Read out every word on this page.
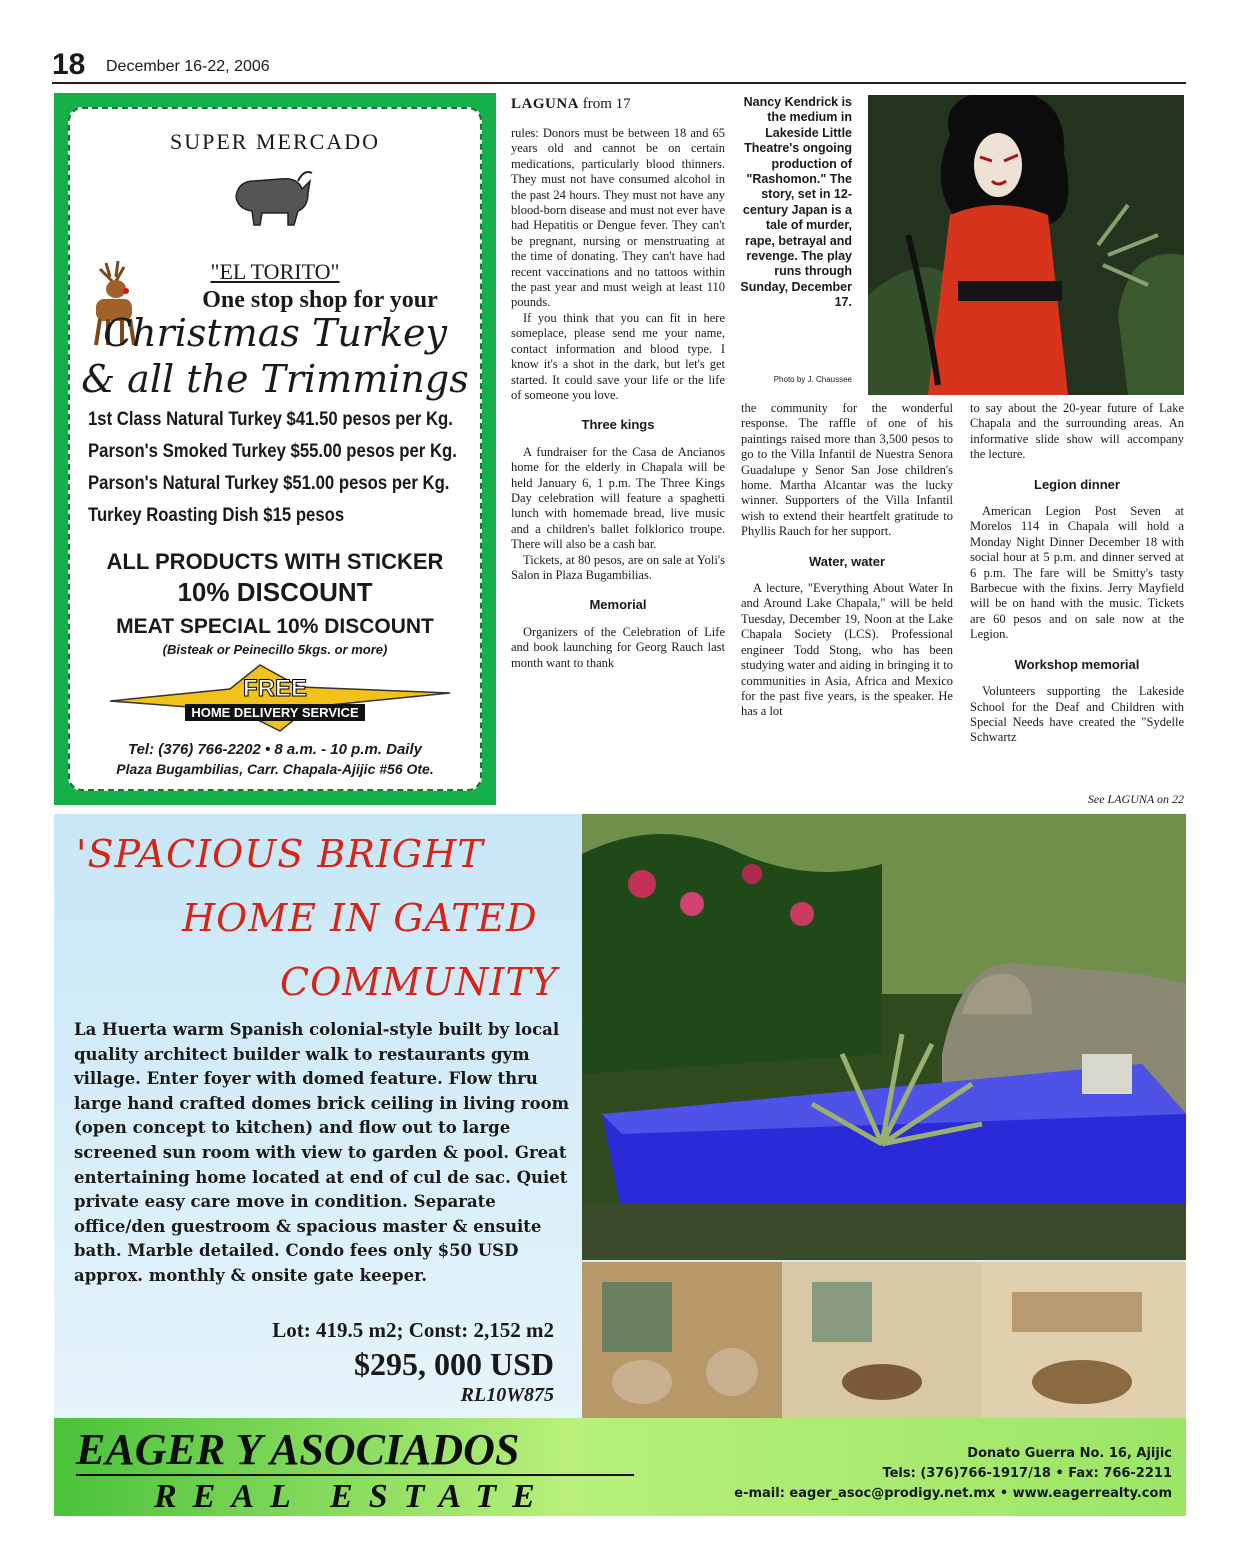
18 December 16-22, 2006
SUPER MERCADO
"EL TORITO"
One stop shop for your
Christmas Turkey
& all the Trimmings
1st Class Natural Turkey $41.50 pesos per Kg.
Parson's Smoked Turkey $55.00 pesos per Kg.
Parson's Natural Turkey $51.00 pesos per Kg.
Turkey Roasting Dish $15 pesos
ALL PRODUCTS WITH STICKER
10% DISCOUNT
MEAT SPECIAL 10% DISCOUNT
(Bisteak or Peinecillo 5kgs. or more)
FREE
HOME DELIVERY SERVICE
Tel: (376) 766-2202 • 8 a.m. - 10 p.m. Daily
Plaza Bugambilias, Carr. Chapala-Ajijic #56 Ote.
LAGUNA from 17

rules: Donors must be between 18 and 65 years old and cannot be on certain medications, particularly blood thinners. They must not have consumed alcohol in the past 24 hours. They must not have any blood-born disease and must not ever have had Hepatitis or Dengue fever. They can't be pregnant, nursing or menstruating at the time of donating. They can't have had recent vaccinations and no tattoos within the past year and must weigh at least 110 pounds.

If you think that you can fit in here someplace, please send me your name, contact information and blood type. I know it's a shot in the dark, but let's get started. It could save your life or the life of someone you love.

Three kings

A fundraiser for the Casa de Ancianos home for the elderly in Chapala will be held January 6, 1 p.m. The Three Kings Day celebration will feature a spaghetti lunch with homemade bread, live music and a children's ballet folklorico troupe. There will also be a cash bar.

Tickets, at 80 pesos, are on sale at Yoli's Salon in Plaza Bugambilias.

Memorial

Organizers of the Celebration of Life and book launching for Georg Rauch last month want to thank

Nancy Kendrick is the medium in Lakeside Little Theatre's ongoing production of "Rashomon." The story, set in 12-century Japan is a tale of murder, rape, betrayal and revenge. The play runs through Sunday, December 17.
Photo by J. Chaussee

the community for the wonderful response. The raffle of one of his paintings raised more than 3,500 pesos to go to the Villa Infantil de Nuestra Senora Guadalupe y Senor San Jose children's home. Martha Alcantar was the lucky winner. Supporters of the Villa Infantil wish to extend their heartfelt gratitude to Phyllis Rauch for her support.

Water, water

A lecture, "Everything About Water In and Around Lake Chapala," will be held Tuesday, December 19, Noon at the Lake Chapala Society (LCS). Professional engineer Todd Stong, who has been studying water and aiding in bringing it to communities in Asia, Africa and Mexico for the past five years, is the speaker. He has a lot

to say about the 20-year future of Lake Chapala and the surrounding areas. An informative slide show will accompany the lecture.

Legion dinner

American Legion Post Seven at Morelos 114 in Chapala will hold a Monday Night Dinner December 18 with social hour at 5 p.m. and dinner served at 6 p.m. The fare will be Smitty's tasty Barbecue with the fixins. Jerry Mayfield will be on hand with the music. Tickets are 60 pesos and on sale now at the Legion.

Workshop memorial

Volunteers supporting the Lakeside School for the Deaf and Children with Special Needs have created the "Sydelle Schwartz

See LAGUNA on 22
'SPACIOUS BRIGHT
HOME IN GATED
COMMUNITY
La Huerta warm Spanish colonial-style built by local quality architect builder walk to restaurants gym village. Enter foyer with domed feature. Flow thru large hand crafted domes brick ceiling in living room (open concept to kitchen) and flow out to large screened sun room with view to garden & pool. Great entertaining home located at end of cul de sac. Quiet private easy care move in condition. Separate office/den guestroom & spacious master & ensuite bath. Marble detailed. Condo fees only $50 USD approx. monthly & onsite gate keeper.
Lot: 419.5 m2; Const: 2,152 m2
$295, 000 USD
RL10W875
EAGER Y ASOCIADOS
REAL ESTATE
Donato Guerra No. 16, Ajijic
Tels: (376)766-1917/18 • Fax: 766-2211
e-mail: eager_asoc@prodigy.net.mx • www.eagerrealty.com
